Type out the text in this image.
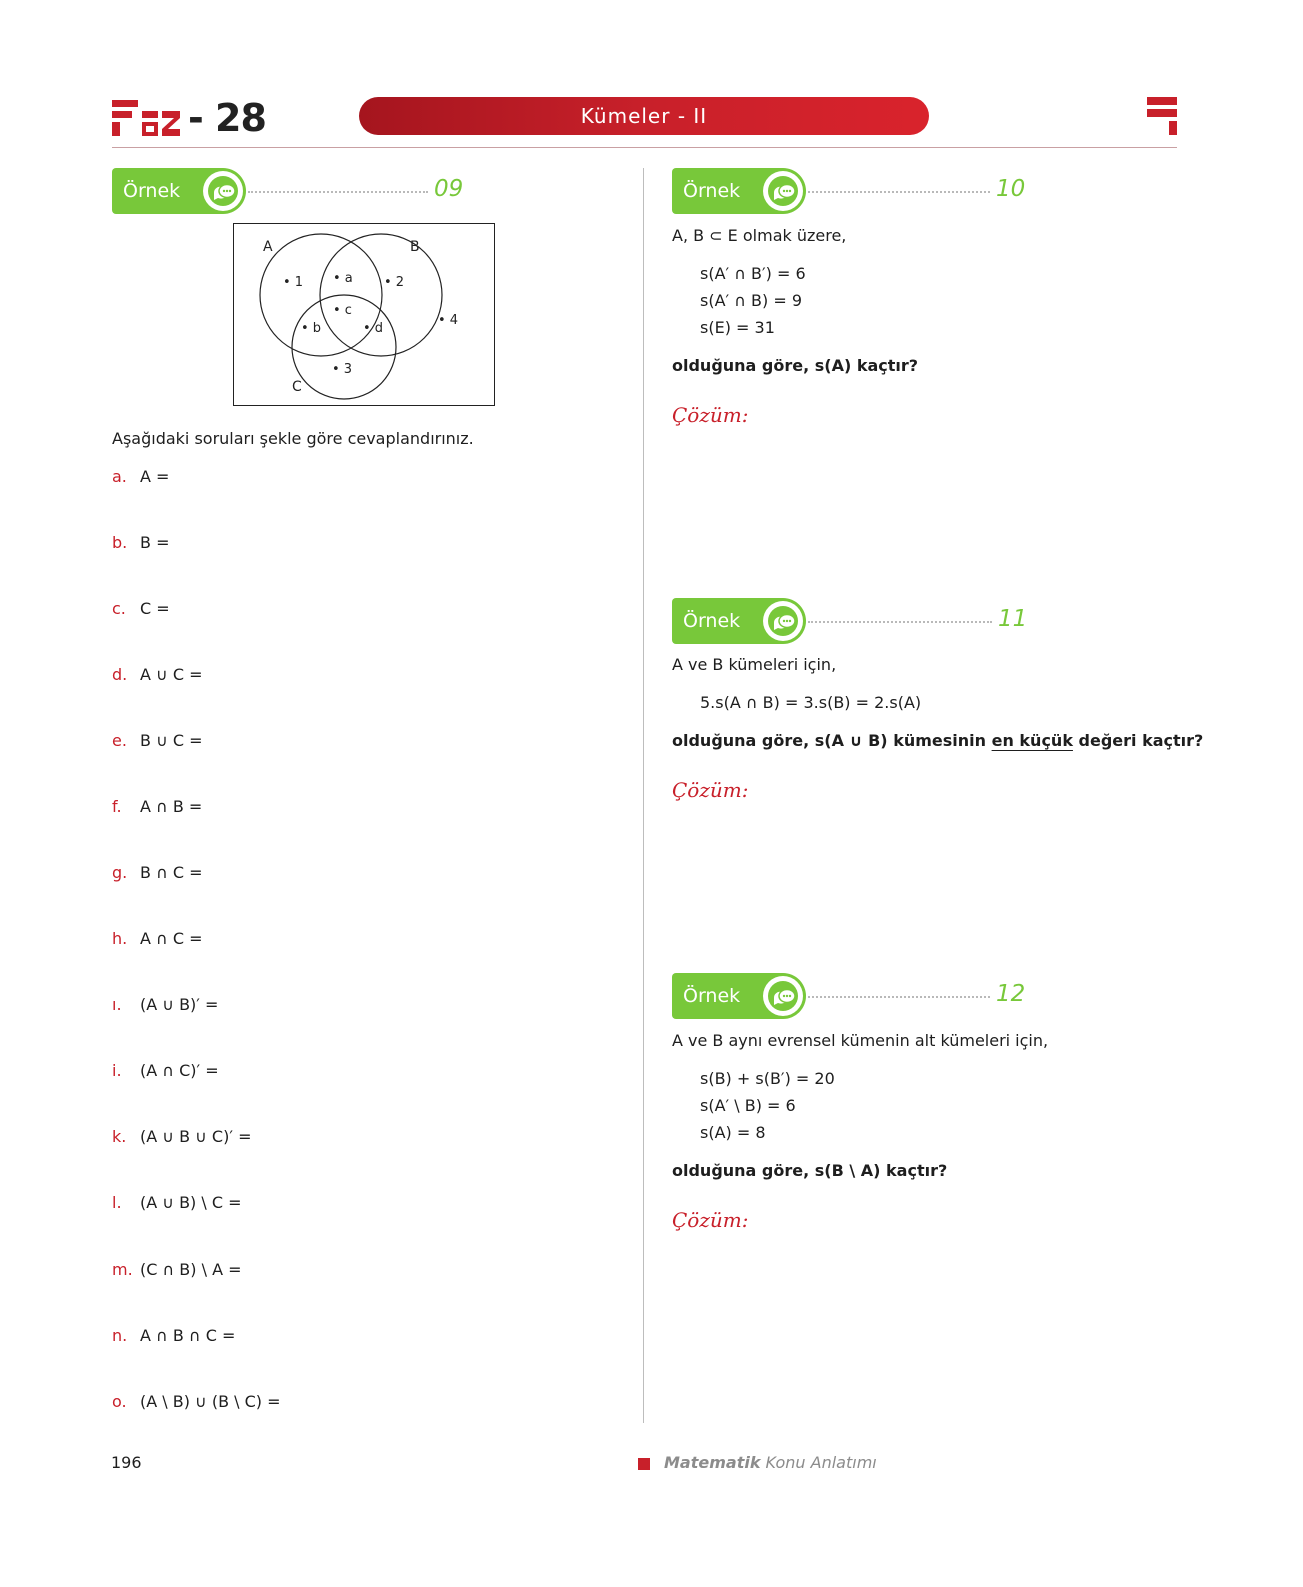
- 28	Kümeler - II
Örnek	09
A	B
C
• 1 • a • 2
• c
• b	• d
• 4
• 3
Aşağıdaki soruları şekle göre cevaplandırınız.
a. A =
b. B =
c. C =
d. A ∪ C =
e. B ∪ C =
f.	A ∩ B =
g. B ∩ C =
h. A ∩ C =
ı.	(A ∪ B)′ =
i.	(A ∩ C)′ =
k. (A ∪ B ∪ C)′ =
l.	(A ∪ B) \ C =
m. (C ∩ B) \ A =
n. A ∩ B ∩ C =
o. (A \ B) ∪ (B \ C) =
Örnek	10
A, B ⊂ E olmak üzere,
s(A′ ∩ B′) = 6
s(A′ ∩ B) = 9
s(E) = 31
olduğuna göre, s(A) kaçtır?
Çözüm:
Örnek	11
A ve B kümeleri için,
5.s(A ∩ B) = 3.s(B) = 2.s(A)
olduğuna göre, s(A ∪ B) kümesinin en küçük değeri kaçtır?
Çözüm:
Örnek	12
A ve B aynı evrensel kümenin alt kümeleri için,
s(B) + s(B′) = 20
s(A′ \ B) = 6
s(A) = 8
olduğuna göre, s(B \ A) kaçtır?
Çözüm:
196	Matematik Konu Anlatımı
